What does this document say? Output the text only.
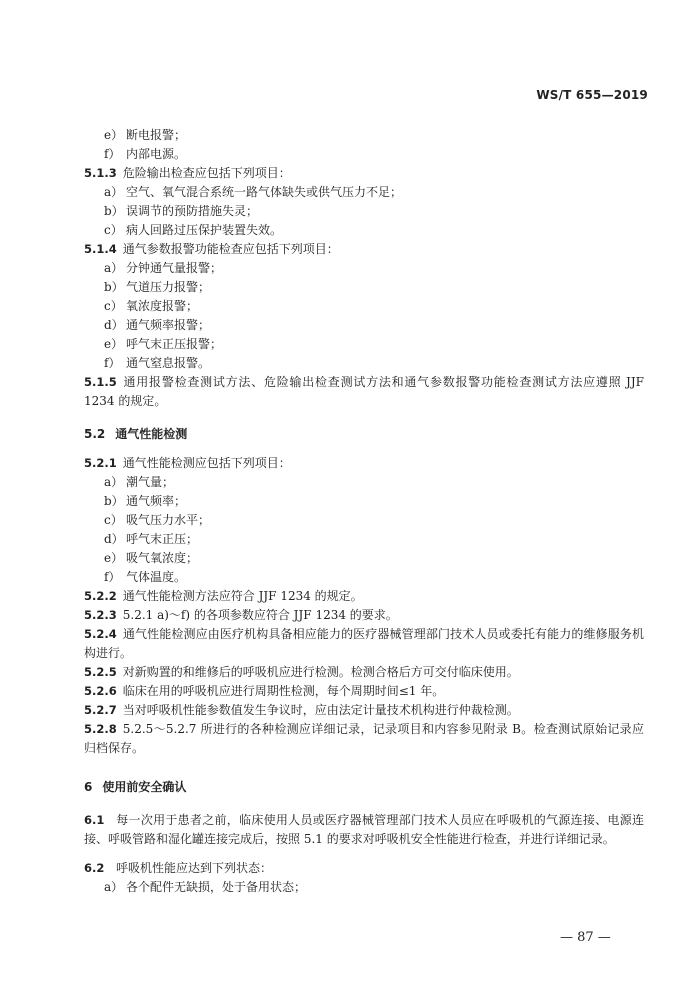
WS/T 655—2019
e） 断电报警；
f） 内部电源。
5.1.3 危险输出检查应包括下列项目：
a） 空气、氧气混合系统一路气体缺失或供气压力不足；
b） 误调节的预防措施失灵；
c） 病人回路过压保护装置失效。
5.1.4 通气参数报警功能检查应包括下列项目：
a） 分钟通气量报警；
b） 气道压力报警；
c） 氧浓度报警；
d） 通气频率报警；
e） 呼气末正压报警；
f） 通气窒息报警。
5.1.5 通用报警检查测试方法、危险输出检查测试方法和通气参数报警功能检查测试方法应遵照 JJF 1234 的规定。
5.2 通气性能检测
5.2.1 通气性能检测应包括下列项目：
a） 潮气量；
b） 通气频率；
c） 吸气压力水平；
d） 呼气末正压；
e） 吸气氧浓度；
f） 气体温度。
5.2.2 通气性能检测方法应符合 JJF 1234 的规定。
5.2.3 5.2.1 a)～f) 的各项参数应符合 JJF 1234 的要求。
5.2.4 通气性能检测应由医疗机构具备相应能力的医疗器械管理部门技术人员或委托有能力的维修服务机构进行。
5.2.5 对新购置的和维修后的呼吸机应进行检测。检测合格后方可交付临床使用。
5.2.6 临床在用的呼吸机应进行周期性检测，每个周期时间≤1 年。
5.2.7 当对呼吸机性能参数值发生争议时，应由法定计量技术机构进行仲裁检测。
5.2.8 5.2.5～5.2.7 所进行的各种检测应详细记录，记录项目和内容参见附录 B。检查测试原始记录应归档保存。
6 使用前安全确认
6.1 每一次用于患者之前，临床使用人员或医疗器械管理部门技术人员应在呼吸机的气源连接、电源连接、呼吸管路和湿化罐连接完成后，按照 5.1 的要求对呼吸机安全性能进行检查，并进行详细记录。
6.2 呼吸机性能应达到下列状态：
a） 各个配件无缺损，处于备用状态；
— 87 —
